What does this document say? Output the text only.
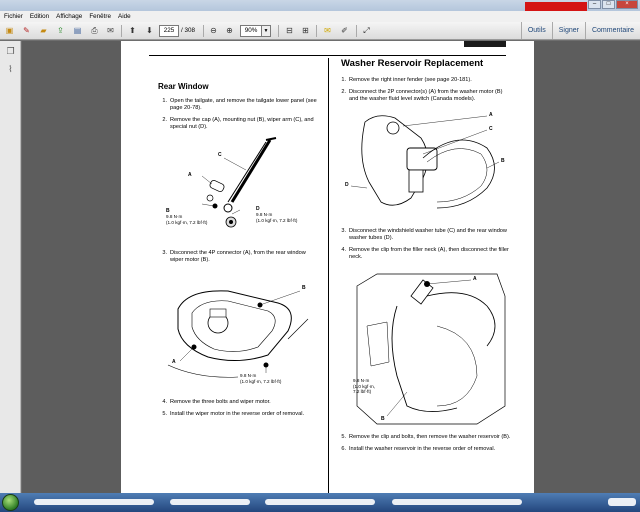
‒	□	×
Fichier Edition Affichage Fenêtre Aide
▣ ✎	▰	⇪ ▤ ⎙ ✉ ⬆ ⬇	225	/ 308 ⊖ ⊕	90%	▼	⊟ ⊞ ✉ ✐ ⤢	Outils	Signer	Commentaire
❐
⌇
Rear Window
1. Open the tailgate, and remove the tailgate lower panel (see page 20-78).
2. Remove the cap (A), mounting nut (B), wiper arm (C), and special nut (D).
A
C
B	D
9.8 N·m
(1.0 kgf·m, 7.2 lbf·ft)
9.8 N·m
(1.0 kgf·m, 7.2 lbf·ft)
3. Disconnect the 4P connector (A), from the rear window wiper motor (B).
B
A
9.8 N·m
(1.0 kgf·m, 7.2 lbf·ft)
4. Remove the three bolts and wiper motor.
5. Install the wiper motor in the reverse order of removal.
Washer Reservoir Replacement
1. Remove the right inner fender (see page 20-181).
2. Disconnect the 2P connector(s) (A) from the washer motor (B) and the washer fluid level switch (Canada models).
A
C
B
D
3. Disconnect the windshield washer tube (C) and the rear window washer tubes (D).
4. Remove the clip from the filler neck (A), then disconnect the filler neck.
A
B
9.8 N·m
(1.0 kgf·m,
7.2 lbf·ft)
5. Remove the clip and bolts, then remove the washer reservoir (B).
6. Install the washer reservoir in the reverse order of removal.
